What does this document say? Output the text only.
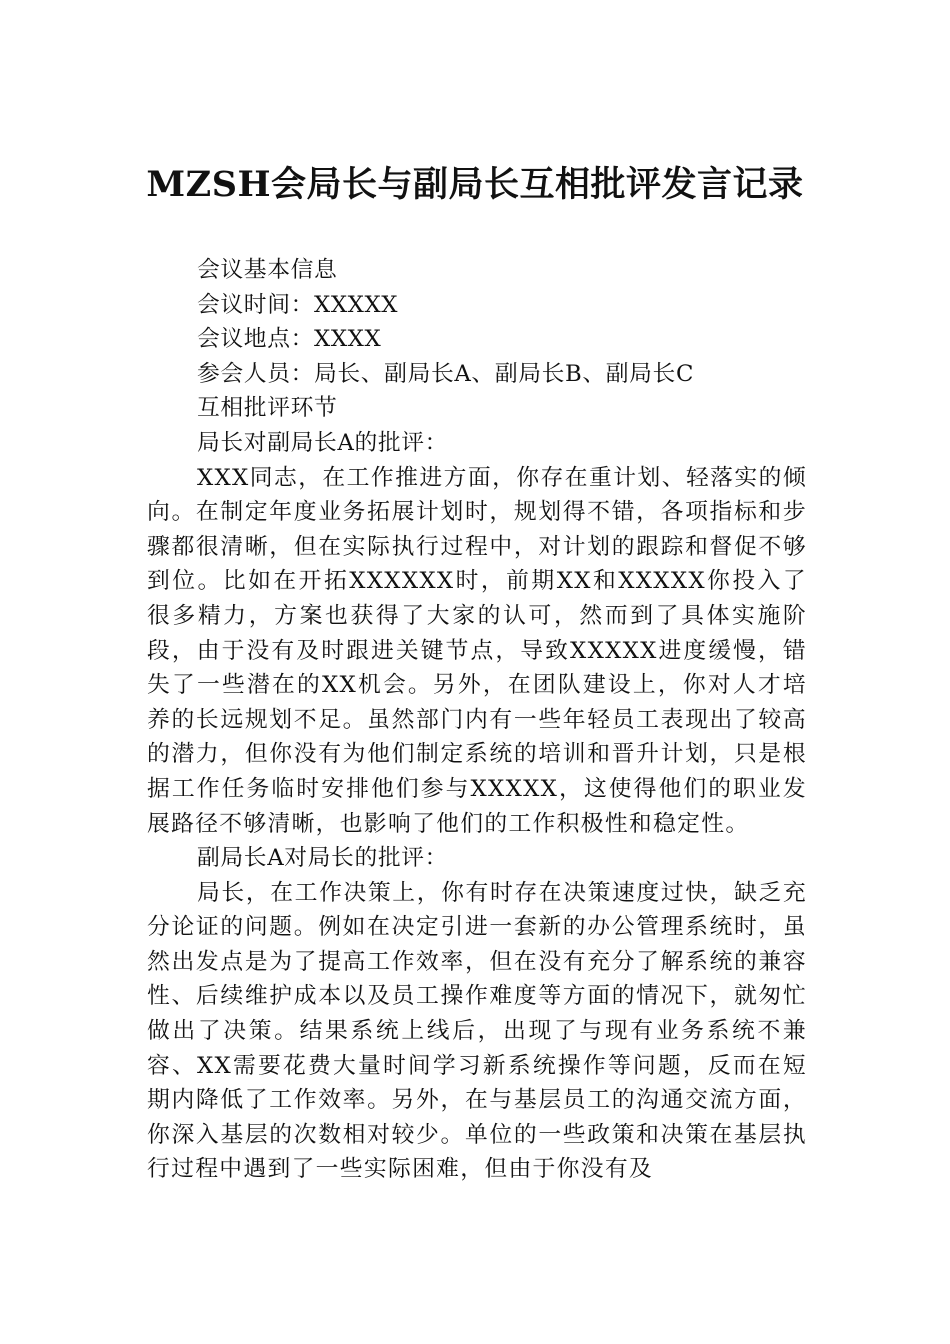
MZSH会局长与副局长互相批评发言记录

会议基本信息

会议时间：XXXXX

会议地点：XXXX

参会人员：局长、副局长A、副局长B、副局长C

互相批评环节

局长对副局长A的批评：

XXX同志，在工作推进方面，你存在重计划、轻落实的倾向。在制定年度业务拓展计划时，规划得不错，各项指标和步骤都很清晰，但在实际执行过程中，对计划的跟踪和督促不够到位。比如在开拓XXXXXX时，前期XX和XXXXX你投入了很多精力，方案也获得了大家的认可，然而到了具体实施阶段，由于没有及时跟进关键节点，导致XXXXX进度缓慢，错失了一些潜在的XX机会。另外，在团队建设上，你对人才培养的长远规划不足。虽然部门内有一些年轻员工表现出了较高的潜力，但你没有为他们制定系统的培训和晋升计划，只是根据工作任务临时安排他们参与XXXXX，这使得他们的职业发展路径不够清晰，也影响了他们的工作积极性和稳定性。

副局长A对局长的批评：

局长，在工作决策上，你有时存在决策速度过快，缺乏充分论证的问题。例如在决定引进一套新的办公管理系统时，虽然出发点是为了提高工作效率，但在没有充分了解系统的兼容性、后续维护成本以及员工操作难度等方面的情况下，就匆忙做出了决策。结果系统上线后，出现了与现有业务系统不兼容、XX需要花费大量时间学习新系统操作等问题，反而在短期内降低了工作效率。另外，在与基层员工的沟通交流方面，你深入基层的次数相对较少。单位的一些政策和决策在基层执行过程中遇到了一些实际困难，但由于你没有及
